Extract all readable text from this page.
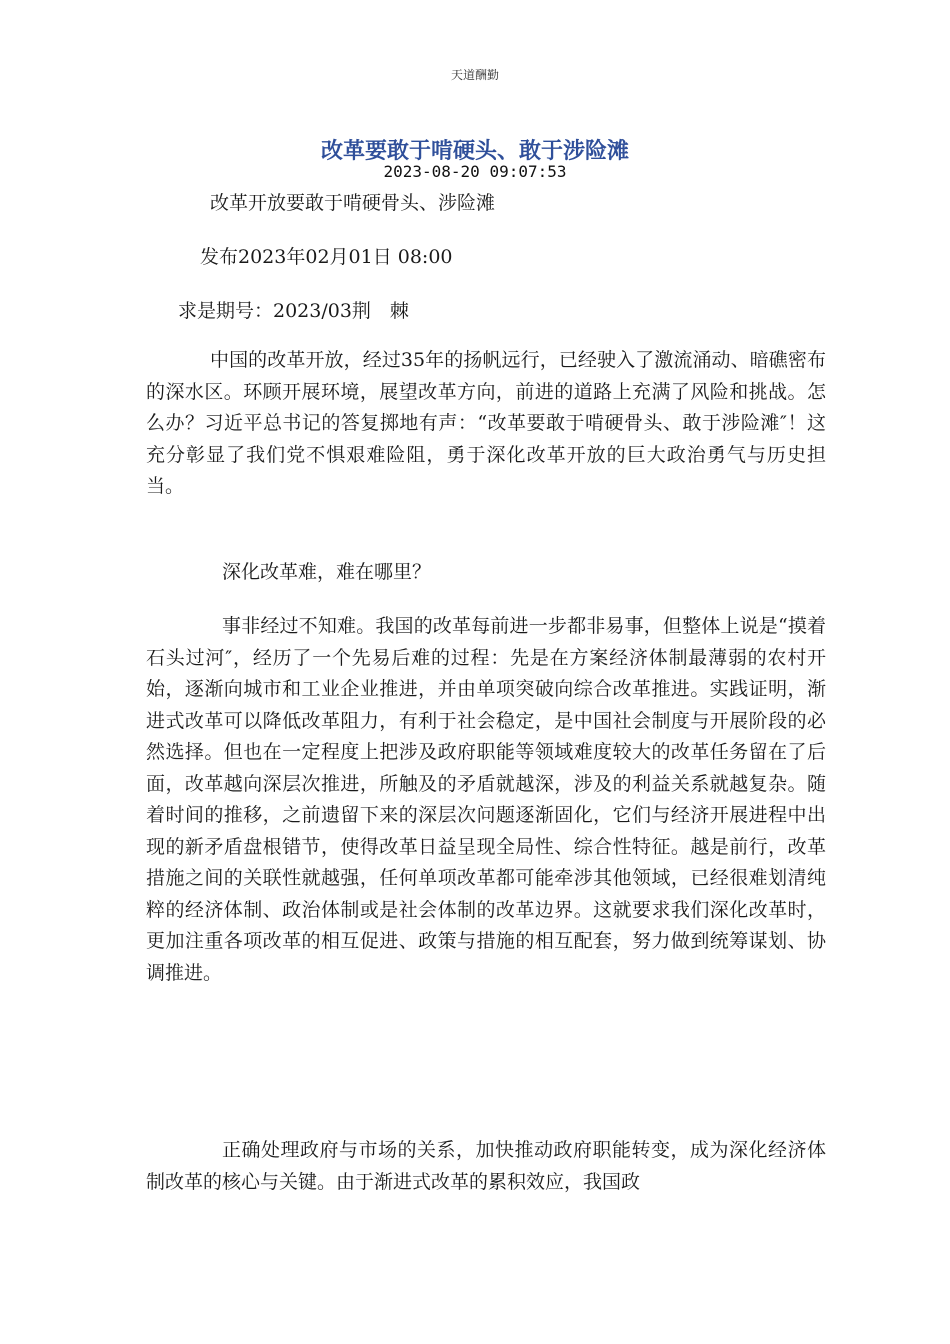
天道酬勤
改革要敢于啃硬头、敢于涉险滩
2023-08-20 09:07:53
改革开放要敢于啃硬骨头、涉险滩
发布2023年02月01日 08:00
求是期号：2023/03荆　棘

中国的改革开放，经过35年的扬帆远行，已经驶入了激流涌动、暗礁密布的深水区。环顾开展环境，展望改革方向，前进的道路上充满了风险和挑战。怎么办？习近平总书记的答复掷地有声：“改革要敢于啃硬骨头、敢于涉险滩″！这充分彰显了我们党不惧艰难险阻，勇于深化改革开放的巨大政治勇气与历史担当。

深化改革难，难在哪里？

事非经过不知难。我国的改革每前进一步都非易事，但整体上说是“摸着石头过河″，经历了一个先易后难的过程：先是在方案经济体制最薄弱的农村开始，逐渐向城市和工业企业推进，并由单项突破向综合改革推进。实践证明，渐进式改革可以降低改革阻力，有利于社会稳定，是中国社会制度与开展阶段的必然选择。但也在一定程度上把涉及政府职能等领域难度较大的改革任务留在了后面，改革越向深层次推进，所触及的矛盾就越深，涉及的利益关系就越复杂。随着时间的推移，之前遗留下来的深层次问题逐渐固化，它们与经济开展进程中出现的新矛盾盘根错节，使得改革日益呈现全局性、综合性特征。越是前行，改革措施之间的关联性就越强，任何单项改革都可能牵涉其他领域，已经很难划清纯粹的经济体制、政治体制或是社会体制的改革边界。这就要求我们深化改革时，更加注重各项改革的相互促进、政策与措施的相互配套，努力做到统筹谋划、协调推进。

正确处理政府与市场的关系，加快推动政府职能转变，成为深化经济体制改革的核心与关键。由于渐进式改革的累积效应，我国政
